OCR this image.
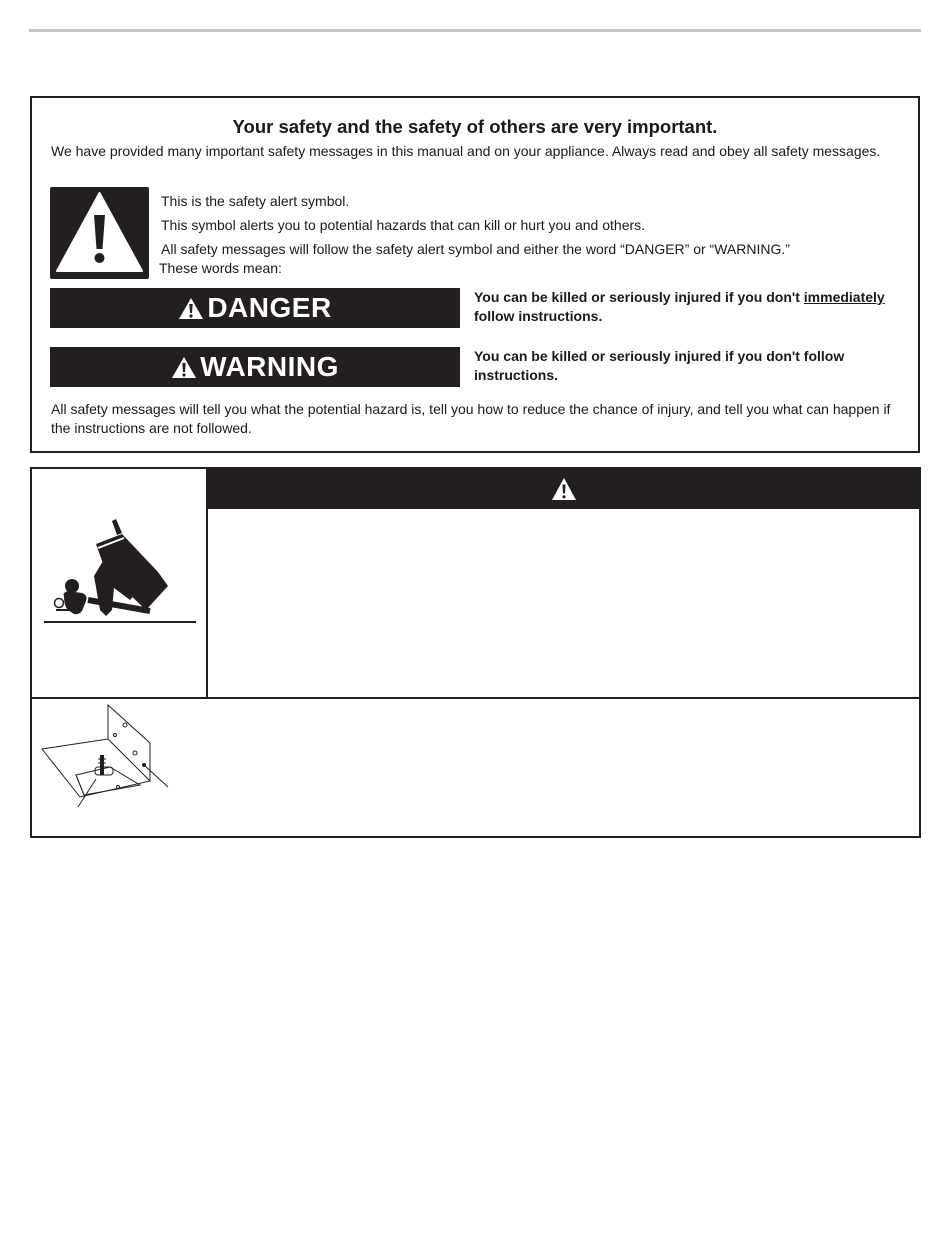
Your safety and the safety of others are very important.

We have provided many important safety messages in this manual and on your appliance. Always read and obey all safety messages.

This is the safety alert symbol.

This symbol alerts you to potential hazards that can kill or hurt you and others.

All safety messages will follow the safety alert symbol and either the word “DANGER” or “WARNING.”

These words mean:

DANGER	You can be killed or seriously injured if you don't immediately follow instructions.

WARNING	You can be killed or seriously injured if you don't follow instructions.

All safety messages will tell you what the potential hazard is, tell you how to reduce the chance of injury, and tell you what can happen if the instructions are not followed.
